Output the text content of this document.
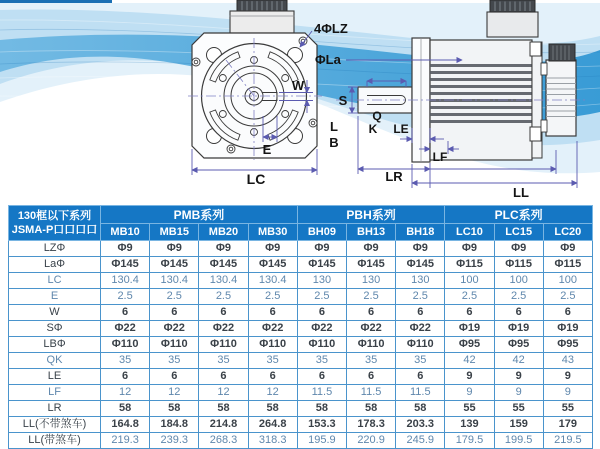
4ΦLZ
ΦLa
W
E
LC
S
Q
K LE
L
B
LF
LR
LL
130框以下系列
JSMA-P口口口口	PMB系列				PBH系列			PLC系列		
	MB10	MB15	MB20	MB30	BH09	BH13	BH18	LC10	LC15	LC20
LZΦ	Φ9	Φ9	Φ9	Φ9	Φ9	Φ9	Φ9	Φ9	Φ9	Φ9
LaΦ	Φ145	Φ145	Φ145	Φ145	Φ145	Φ145	Φ145	Φ115	Φ115	Φ115
LC	130.4	130.4	130.4	130.4	130	130	130	100	100	100
E	2.5	2.5	2.5	2.5	2.5	2.5	2.5	2.5	2.5	2.5
W	6	6	6	6	6	6	6	6	6	6
SΦ	Φ22	Φ22	Φ22	Φ22	Φ22	Φ22	Φ22	Φ19	Φ19	Φ19
LBΦ	Φ110	Φ110	Φ110	Φ110	Φ110	Φ110	Φ110	Φ95	Φ95	Φ95
QK	35	35	35	35	35	35	35	42	42	43
LE	6	6	6	6	6	6	6	9	9	9
LF	12	12	12	12	11.5	11.5	11.5	9	9	9
LR	58	58	58	58	58	58	58	55	55	55
LL(不带煞车)	164.8	184.8	214.8	264.8	153.3	178.3	203.3	139	159	179
LL(带煞车)	219.3	239.3	268.3	318.3	195.9	220.9	245.9	179.5	199.5	219.5
